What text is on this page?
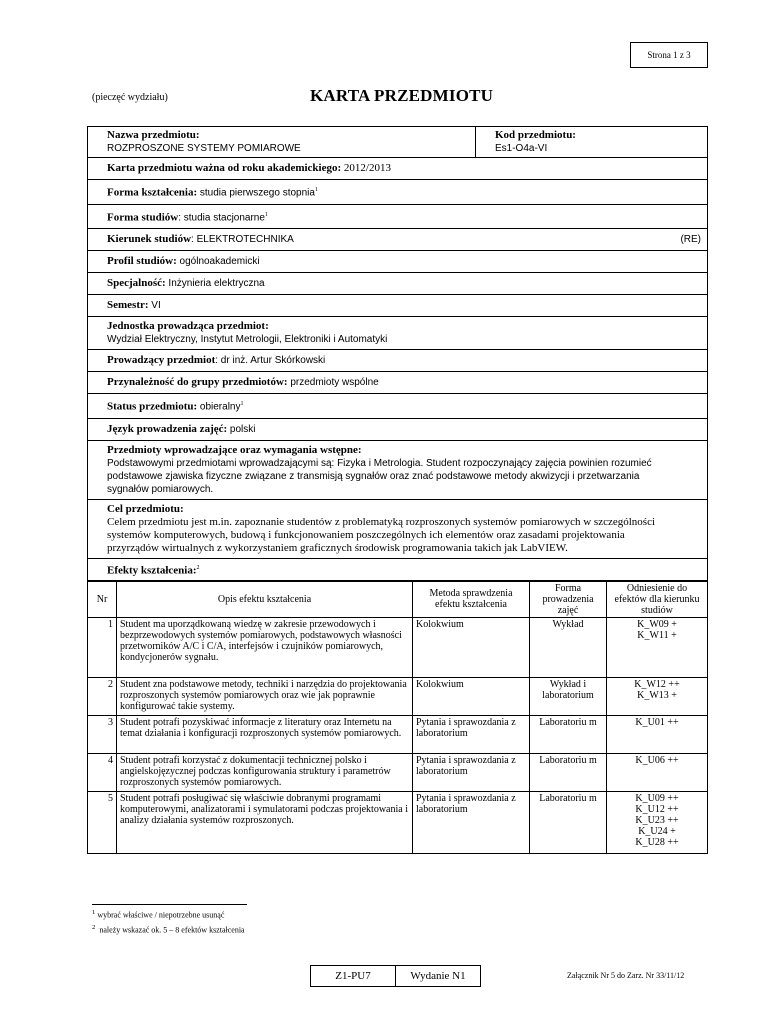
Strona 1 z 3
(pieczęć wydziału)	KARTA PRZEDMIOTU
Nazwa przedmiotu:
ROZPROSZONE SYSTEMY POMIAROWE
Kod przedmiotu:
Es1-O4a-VI
Karta przedmiotu ważna od roku akademickiego: 2012/2013
Forma kształcenia: studia pierwszego stopnia$^1$
Forma studiów: studia stacjonarne$^1$
Kierunek studiów: ELEKTROTECHNIKA	(RE)
Profil studiów: ogólnoakademicki
Specjalność: Inżynieria elektryczna
Semestr: VI
Jednostka prowadząca przedmiot:
Wydział Elektryczny, Instytut Metrologii, Elektroniki i Automatyki
Prowadzący przedmiot: dr inż. Artur Skórkowski
Przynależność do grupy przedmiotów: przedmioty wspólne
Status przedmiotu: obieralny$^1$
Język prowadzenia zajęć: polski
Przedmioty wprowadzające oraz wymagania wstępne:
Podstawowymi przedmiotami wprowadzającymi są: Fizyka i Metrologia. Student rozpoczynający zajęcia powinien rozumieć podstawowe zjawiska fizyczne związane z transmisją sygnałów oraz znać podstawowe metody akwizycji i przetwarzania sygnałów pomiarowych.
Cel przedmiotu:
Celem przedmiotu jest m.in. zapoznanie studentów z problematyką rozproszonych systemów pomiarowych w szczególności systemów komputerowych, budową i funkcjonowaniem poszczególnych ich elementów oraz zasadami projektowania przyrządów wirtualnych z wykorzystaniem graficznych środowisk programowania takich jak LabVIEW.
Efekty kształcenia:$^2$
Nr	Opis efektu kształcenia	Metoda sprawdzenia efektu kształcenia	Forma prowadzenia zajęć	Odniesienie do efektów dla kierunku studiów
1	Student ma uporządkowaną wiedzę w zakresie przewodowych i bezprzewodowych systemów pomiarowych, podstawowych własności przetworników A/C i C/A, interfejsów i czujników pomiarowych, kondycjonerów sygnału.	Kolokwium	Wykład	K_W09 +
K_W11 +
2	Student zna podstawowe metody, techniki i narzędzia do projektowania rozproszonych systemów pomiarowych oraz wie jak poprawnie konfigurować takie systemy.	Kolokwium	Wykład i laboratorium	K_W12 ++
K_W13 +
3	Student potrafi pozyskiwać informacje z literatury oraz Internetu na temat działania i konfiguracji rozproszonych systemów pomiarowych.	Pytania i sprawozdania z laboratorium	Laboratoriu m	K_U01 ++
4	Student potrafi korzystać z dokumentacji technicznej polsko i angielskojęzycznej podczas konfigurowania struktury i parametrów rozproszonych systemów pomiarowych.	Pytania i sprawozdania z laboratorium	Laboratoriu m	K_U06 ++
5	Student potrafi posługiwać się właściwie dobranymi programami komputerowymi, analizatorami i symulatorami podczas projektowania i analizy działania systemów rozproszonych.	Pytania i sprawozdania z laboratorium	Laboratoriu m	K_U09 ++
K_U12 ++
K_U23 ++
K_U24 +
K_U28 ++
$^1$ wybrać właściwe / niepotrzebne usunąć
$^2$ należy wskazać ok. 5 – 8 efektów kształcenia
Z1-PU7	Wydanie N1	Załącznik Nr 5 do Zarz. Nr 33/11/12
